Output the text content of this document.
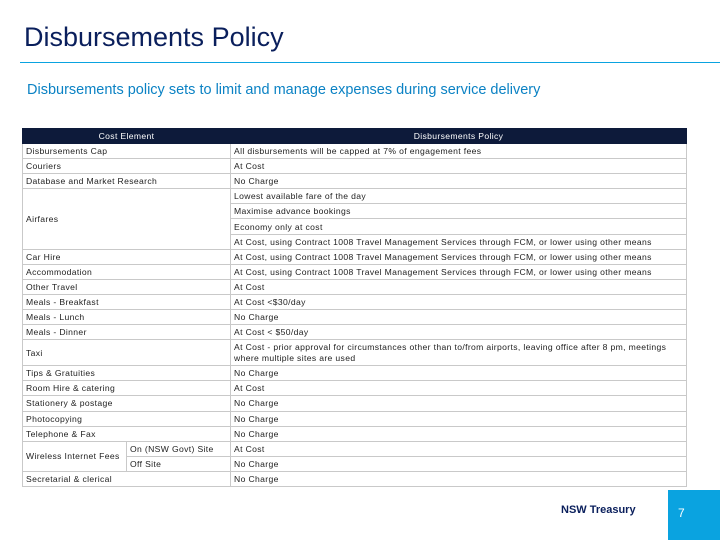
Disbursements Policy
Disbursements policy sets to limit and manage expenses during service delivery
Cost Element		Disbursements Policy
Disbursements Cap		All disbursements will be capped at 7% of engagement fees
Couriers		At Cost
Database and Market Research		No Charge
Airfares		Lowest available fare of the day
		Maximise advance bookings
		Economy only at cost
		At Cost, using Contract 1008 Travel Management Services through FCM, or lower using other means
Car Hire		At Cost, using Contract 1008 Travel Management Services through FCM, or lower using other means
Accommodation		At Cost, using Contract 1008 Travel Management Services through FCM, or lower using other means
Other Travel		At Cost
Meals - Breakfast		At Cost <$30/day
Meals - Lunch		No Charge
Meals - Dinner		At Cost < $50/day
Taxi		At Cost - prior approval for circumstances other than to/from airports, leaving office after 8 pm, meetings where multiple sites are used
Tips & Gratuities		No Charge
Room Hire & catering		At Cost
Stationery & postage		No Charge
Photocopying		No Charge
Telephone & Fax		No Charge
Wireless Internet Fees	On (NSW Govt) Site	At Cost
	Off Site	No Charge
Secretarial & clerical		No Charge
NSW Treasury	7
